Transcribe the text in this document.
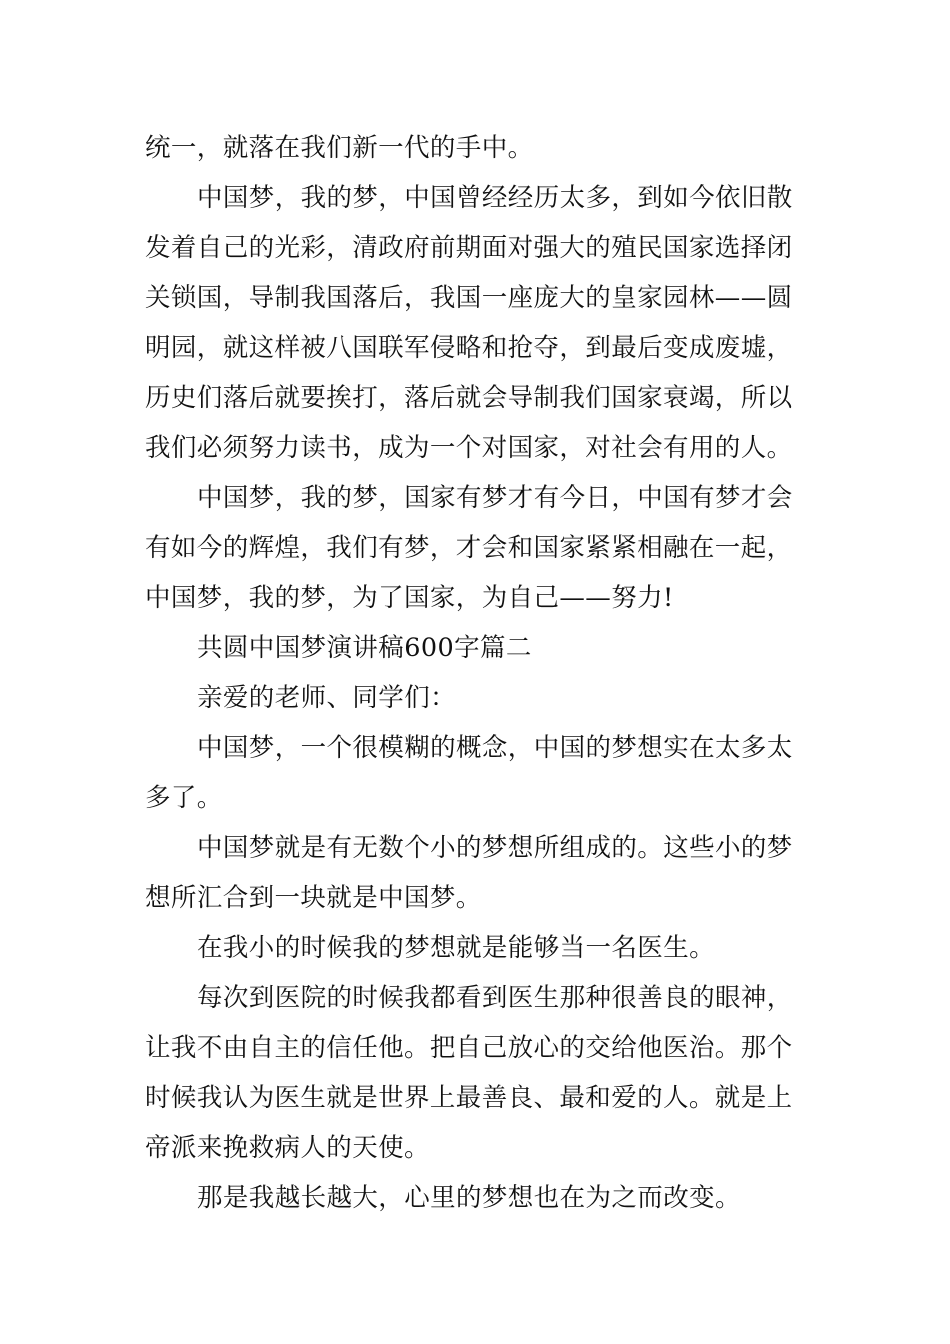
统一，就落在我们新一代的手中。
中国梦，我的梦，中国曾经经历太多，到如今依旧散
发着自己的光彩，清政府前期面对强大的殖民国家选择闭
关锁国，导制我国落后，我国一座庞大的皇家园林——圆
明园，就这样被八国联军侵略和抢夺，到最后变成废墟，
历史们落后就要挨打，落后就会导制我们国家衰竭，所以
我们必须努力读书，成为一个对国家，对社会有用的人。
中国梦，我的梦，国家有梦才有今日，中国有梦才会
有如今的辉煌，我们有梦，才会和国家紧紧相融在一起，
中国梦，我的梦，为了国家，为自己——努力!
共圆中国梦演讲稿600字篇二
亲爱的老师、同学们：
中国梦，一个很模糊的概念，中国的梦想实在太多太
多了。
中国梦就是有无数个小的梦想所组成的。这些小的梦
想所汇合到一块就是中国梦。
在我小的时候我的梦想就是能够当一名医生。
每次到医院的时候我都看到医生那种很善良的眼神，
让我不由自主的信任他。把自己放心的交给他医治。那个
时候我认为医生就是世界上最善良、最和爱的人。就是上
帝派来挽救病人的天使。
那是我越长越大，心里的梦想也在为之而改变。
